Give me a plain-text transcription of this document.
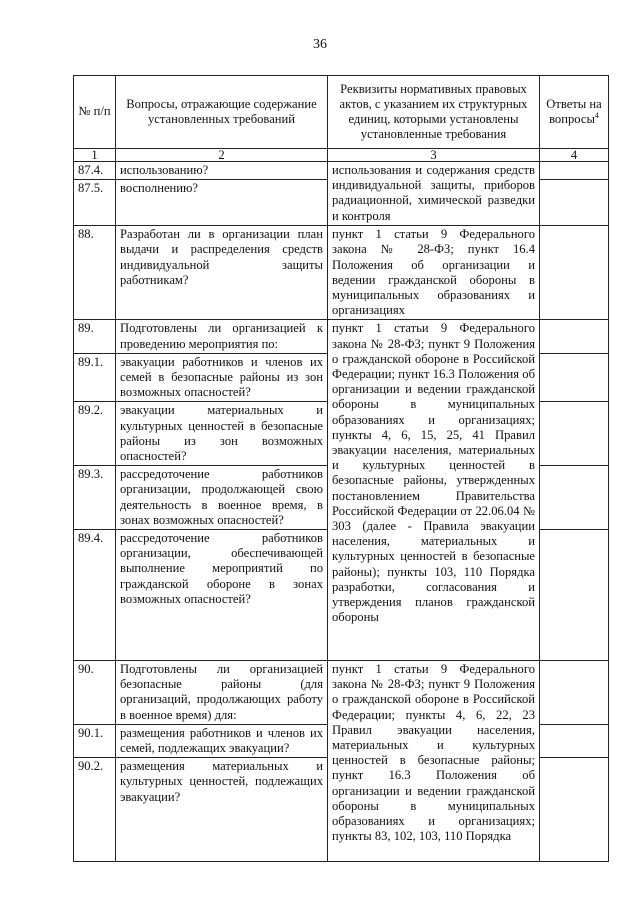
36
№ п/п	Вопросы, отражающие содержание установленных требований	Реквизиты нормативных правовых актов, с указанием их структурных единиц, которыми установлены установленные требования	Ответы на вопросы$^4$
1	2	3	4
87.4.	использованию?	использования и содержания средств индивидуальной защиты, приборов радиационной, химической разведки и контроля	
87.5.	восполнению?		
88.	Разработан ли в организации план выдачи и распределения средств индивидуальной защиты работникам?	пункт 1 статьи 9 Федерального закона № 28-ФЗ; пункт 16.4 Положения об организации и ведении гражданской обороны в муниципальных образованиях и организациях	
89.	Подготовлены ли организацией к проведению мероприятия по:	пункт 1 статьи 9 Федерального закона № 28-ФЗ; пункт 9 Положения о гражданской обороне в Российской Федерации; пункт 16.3 Положения об организации и ведении гражданской обороны в муниципальных образованиях и организациях; пункты 4, 6, 15, 25, 41 Правил эвакуации населения, материальных и культурных ценностей в безопасные районы, утвержденных постановлением Правительства Российской Федерации от 22.06.04 № 303 (далее - Правила эвакуации населения, материальных и культурных ценностей в безопасные районы); пункты 103, 110 Порядка разработки, согласования и утверждения планов гражданской обороны	
89.1.	эвакуации работников и членов их семей в безопасные районы из зон возможных опасностей?		
89.2.	эвакуации материальных и культурных ценностей в безопасные районы из зон возможных опасностей?		
89.3.	рассредоточение работников организации, продолжающей свою деятельность в военное время, в зонах возможных опасностей?		
89.4.	рассредоточение работников организации, обеспечивающей выполнение мероприятий по гражданской обороне в зонах возможных опасностей?		
90.	Подготовлены ли организацией безопасные районы (для организаций, продолжающих работу в военное время) для:	пункт 1 статьи 9 Федерального закона № 28-ФЗ; пункт 9 Положения о гражданской обороне в Российской Федерации; пункты 4, 6, 22, 23 Правил эвакуации населения, материальных и культурных ценностей в безопасные районы; пункт 16.3 Положения об организации и ведении гражданской обороны в муниципальных образованиях и организациях; пункты 83, 102, 103, 110 Порядка	
90.1.	размещения работников и членов их семей, подлежащих эвакуации?		
90.2.	размещения материальных и культурных ценностей, подлежащих эвакуации?		
